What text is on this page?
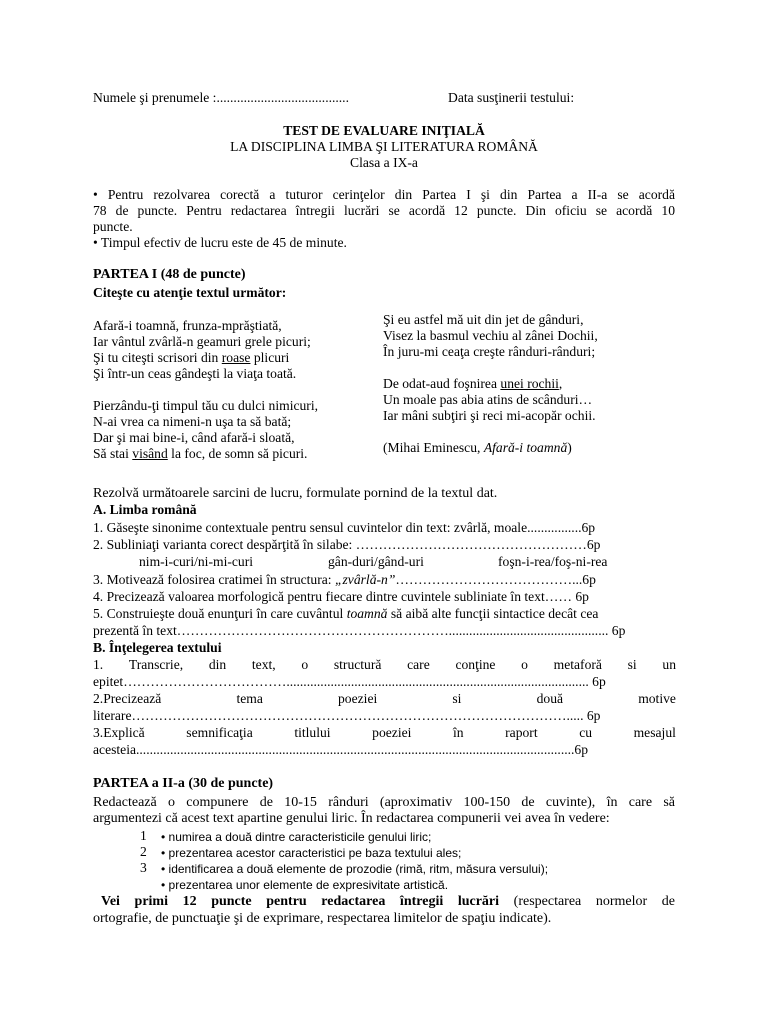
Numele şi prenumele :.......................................	Data susţinerii testului:
TEST DE EVALUARE INIŢIALĂ
LA DISCIPLINA LIMBA ŞI LITERATURA ROMÂNĂ
Clasa a IX-a
• Pentru rezolvarea corectă a tuturor cerinţelor din Partea I şi din Partea a II-a se acordă
78 de puncte. Pentru redactarea întregii lucrări se acordă 12 puncte. Din oficiu se acordă 10
puncte.
• Timpul efectiv de lucru este de 45 de minute.
PARTEA I (48 de puncte)
Citeşte cu atenţie textul următor:
Afară-i toamnă, frunza-mprăştiată,
Iar vântul zvârlă-n geamuri grele picuri;
Şi tu citeşti scrisori din roase plicuri
Şi într-un ceas gândeşti la viaţa toată.
Pierzându-ţi timpul tău cu dulci nimicuri,
N-ai vrea ca nimeni-n uşa ta să bată;
Dar şi mai bine-i, când afară-i sloată,
Să stai visând la foc, de somn să picuri.
Şi eu astfel mă uit din jet de gânduri,
Visez la basmul vechiu al zânei Dochii,
În juru-mi ceaţa creşte rânduri-rânduri;
De odat-aud foşnirea unei rochii,
Un moale pas abia atins de scânduri…
Iar mâni subţiri şi reci mi-acopăr ochii.
(Mihai Eminescu, Afară-i toamnă)
Rezolvă următoarele sarcini de lucru, formulate pornind de la textul dat.
A. Limba română
1. Găseşte sinonime contextuale pentru sensul cuvintelor din text: zvârlă, moale................6p
2. Subliniaţi varianta corect despărţită în silabe: ……………………………………………6p
nim-i-curi/ni-mi-curi	gân-duri/gând-uri	foşn-i-rea/foş-ni-rea
3. Motivează folosirea cratimei în structura: „zvârlă-n”…………………………………...6p
4. Precizează valoarea morfologică pentru fiecare dintre cuvintele subliniate în text…… 6p
5. Construieşte două enunţuri în care cuvântul toamnă să aibă alte funcţii sintactice decât cea
prezentă în text……………………………………………………............................................... 6p
B. Înţelegerea textului
1. Transcrie, din text, o structură care conţine o metaforă si un
epitet………………………………......................................................................................... 6p
2.Precizează	tema	poeziei	si	două	motive
literare……………………………………………………………………………………..... 6p
3.Explică	semnificaţia	titlului	poeziei	în	raport	cu	mesajul
acesteia.................................................................................................................................6p
PARTEA a II-a (30 de puncte)
Redactează o compunere de 10-15 rânduri (aproximativ 100-150 de cuvinte), în care să
argumentezi că acest text apartine genului liric. În redactarea compunerii vei avea în vedere:
1 • numirea a două dintre caracteristicile genului liric;
2 • prezentarea acestor caracteristici pe baza textului ales;
3 • identificarea a două elemente de prozodie (rimă, ritm, măsura versului);
• prezentarea unor elemente de expresivitate artistică.
Vei primi 12 puncte pentru redactarea întregii lucrări (respectarea normelor de
ortografie, de punctuaţie şi de exprimare, respectarea limitelor de spaţiu indicate).
